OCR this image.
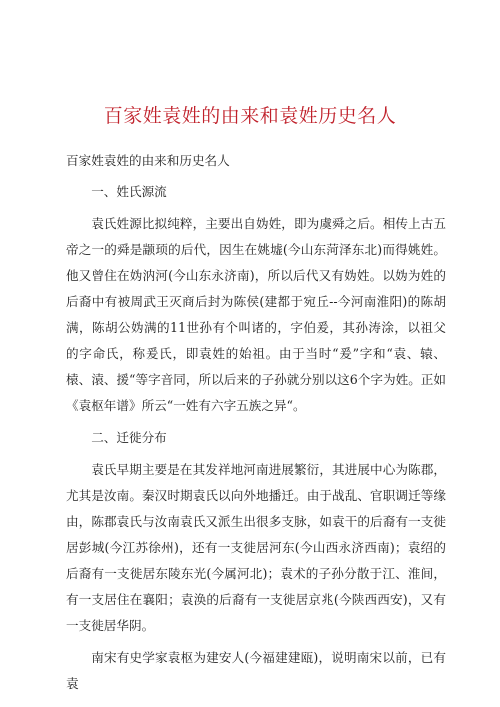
百家姓袁姓的由来和袁姓历史名人

百家姓袁姓的由来和历史名人

一、姓氏源流

袁氏姓源比拟纯粹，主要出自妫姓，即为虞舜之后。相传上古五帝之一的舜是颛顼的后代，因生在姚墟(今山东菏泽东北)而得姚姓。他又曾住在妫汭河(今山东永济南)，所以后代又有妫姓。以妫为姓的后裔中有被周武王灭商后封为陈侯(建都于宛丘--今河南淮阳)的陈胡满，陈胡公妫满的11世孙有个叫诸的，字伯爰，其孙涛涂，以祖父的字命氏，称爰氏，即袁姓的始祖。由于当时“爰”字和“袁、辕、榬、溒、援“等字音同，所以后来的子孙就分别以这6个字为姓。正如《袁枢年谱》所云“一姓有六字五族之异“。

二、迁徙分布

袁氏早期主要是在其发祥地河南进展繁衍，其进展中心为陈郡，尤其是汝南。秦汉时期袁氏以向外地播迁。由于战乱、官职调迁等缘由，陈郡袁氏与汝南袁氏又派生出很多支脉，如袁干的后裔有一支徙居彭城(今江苏徐州)，还有一支徙居河东(今山西永济西南)；袁绍的后裔有一支徙居东陵东光(今属河北)；袁术的子孙分散于江、淮间，有一支居住在襄阳；袁涣的后裔有一支徙居京兆(今陕西西安)，又有一支徙居华阴。

南宋有史学家袁枢为建安人(今福建建瓯)，说明南宋以前，已有袁
